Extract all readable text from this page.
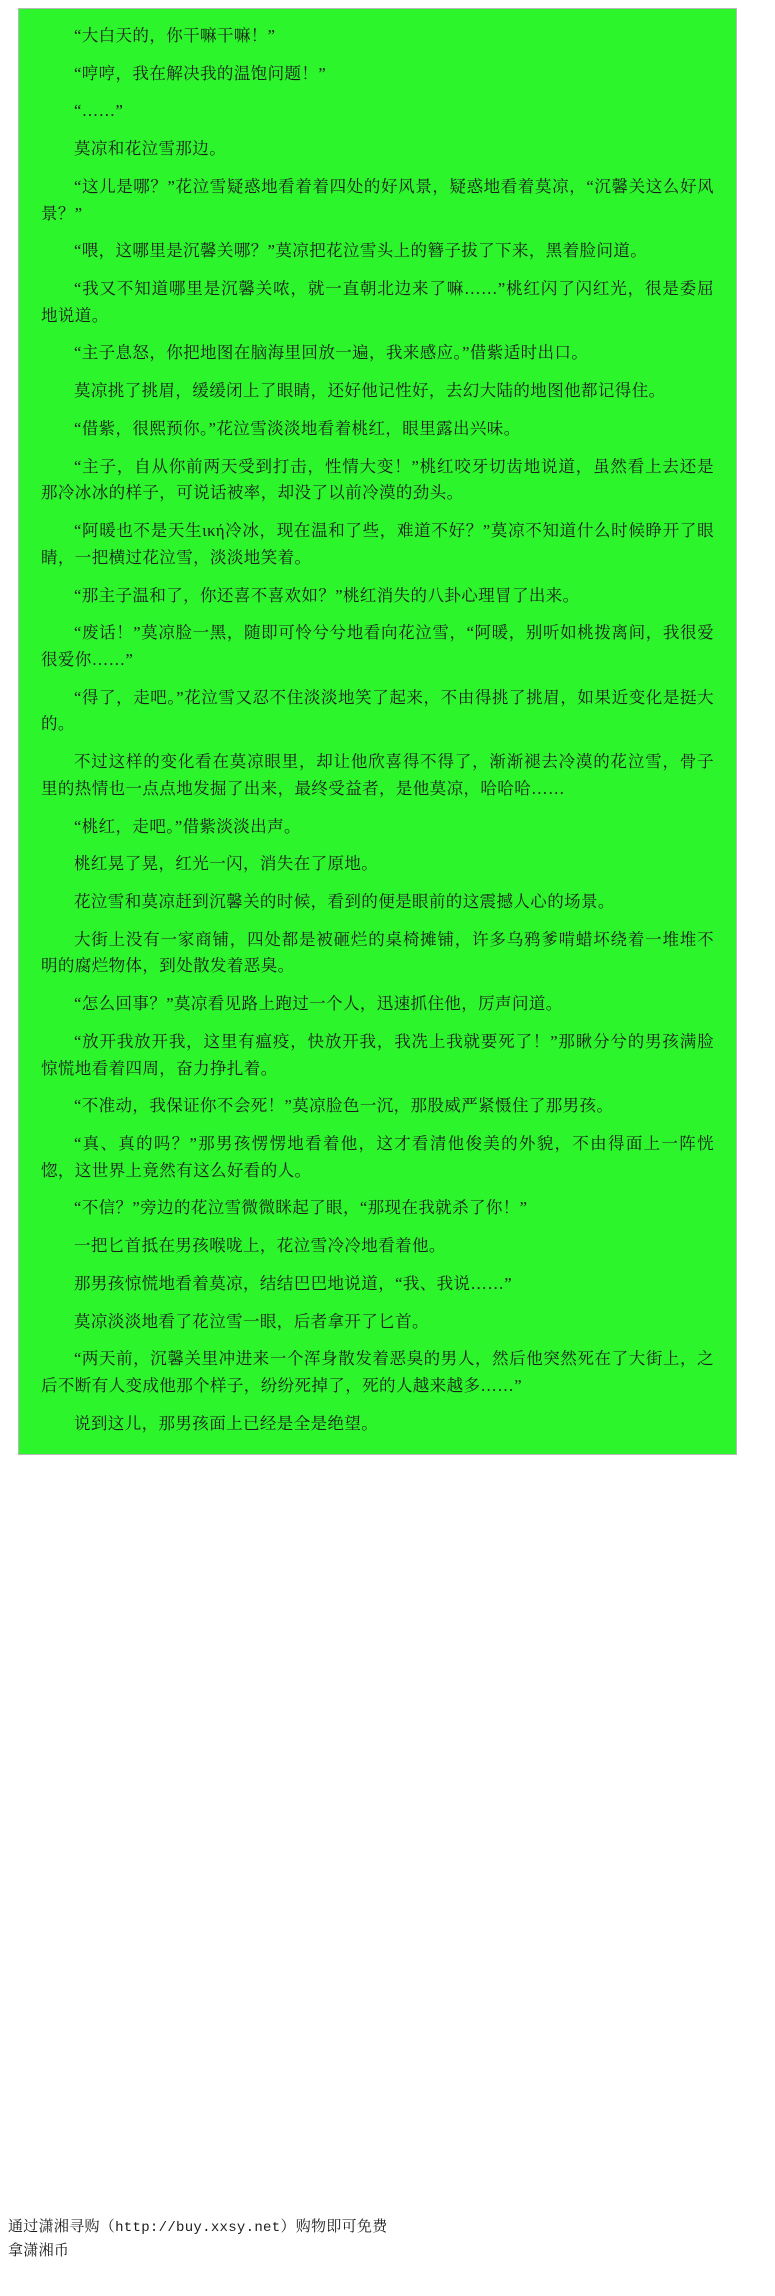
“大白天的，你干嘛干嘛！”

“哼哼，我在解决我的温饱问题！”

“……”

莫凉和花泣雪那边。

“这儿是哪？”花泣雪疑惑地看着着四处的好风景，疑惑地看着莫凉，“沉馨关这么好风景？”

“喂，这哪里是沉馨关哪？”莫凉把花泣雪头上的簪子拔了下来，黑着脸问道。

“我又不知道哪里是沉馨关哝，就一直朝北边来了嘛……”桃红闪了闪红光，很是委屈地说道。

“主子息怒，你把地图在脑海里回放一遍，我来感应。”借紫适时出口。

莫凉挑了挑眉，缓缓闭上了眼睛，还好他记性好，去幻大陆的地图他都记得住。

“借紫，很熙预你。”花泣雪淡淡地看着桃红，眼里露出兴味。

“主子，自从你前两天受到打击，性情大变！”桃红咬牙切齿地说道，虽然看上去还是那冷冰冰的样子，可说话被率，却没了以前冷漠的劲头。

“阿暖也不是天生ική冷冰，现在温和了些，难道不好？”莫凉不知道什么时候睁开了眼睛，一把横过花泣雪，淡淡地笑着。

“那主子温和了，你还喜不喜欢如？”桃红消失的八卦心理冒了出来。

“废话！”莫凉脸一黑，随即可怜兮兮地看向花泣雪，“阿暖，别听如桃拨离间，我很爱很爱你……”

“得了，走吧。”花泣雪又忍不住淡淡地笑了起来，不由得挑了挑眉，如果近变化是挺大的。

不过这样的变化看在莫凉眼里，却让他欣喜得不得了，渐渐褪去冷漠的花泣雪，骨子里的热情也一点点地发掘了出来，最终受益者，是他莫凉，哈哈哈……

“桃红，走吧。”借紫淡淡出声。

桃红晃了晃，红光一闪，消失在了原地。

花泣雪和莫凉赶到沉馨关的时候，看到的便是眼前的这震撼人心的场景。

大街上没有一家商铺，四处都是被砸烂的桌椅摊铺，许多乌鸦爹啃蜡坏绕着一堆堆不明的腐烂物体，到处散发着恶臭。

“怎么回事？”莫凉看见路上跑过一个人，迅速抓住他，厉声问道。

“放开我放开我，这里有瘟疫，快放开我，我冼上我就要死了！”那瞅分兮的男孩满脸惊慌地看着四周，奋力挣扎着。

“不准动，我保证你不会死！”莫凉脸色一沉，那股威严紧慑住了那男孩。

“真、真的吗？”那男孩愣愣地看着他，这才看清他俊美的外貌，不由得面上一阵恍惚，这世界上竟然有这么好看的人。

“不信？”旁边的花泣雪微微眯起了眼，“那现在我就杀了你！”

一把匕首抵在男孩喉咙上，花泣雪冷冷地看着他。

那男孩惊慌地看着莫凉，结结巴巴地说道，“我、我说……”

莫凉淡淡地看了花泣雪一眼，后者拿开了匕首。

“两天前，沉馨关里冲进来一个浑身散发着恶臭的男人，然后他突然死在了大街上，之后不断有人变成他那个样子，纷纷死掉了，死的人越来越多……”

说到这儿，那男孩面上已经是全是绝望。

通过潇湘寻购（http://buy.xxsy.net）购物即可免费

拿潇湘币
